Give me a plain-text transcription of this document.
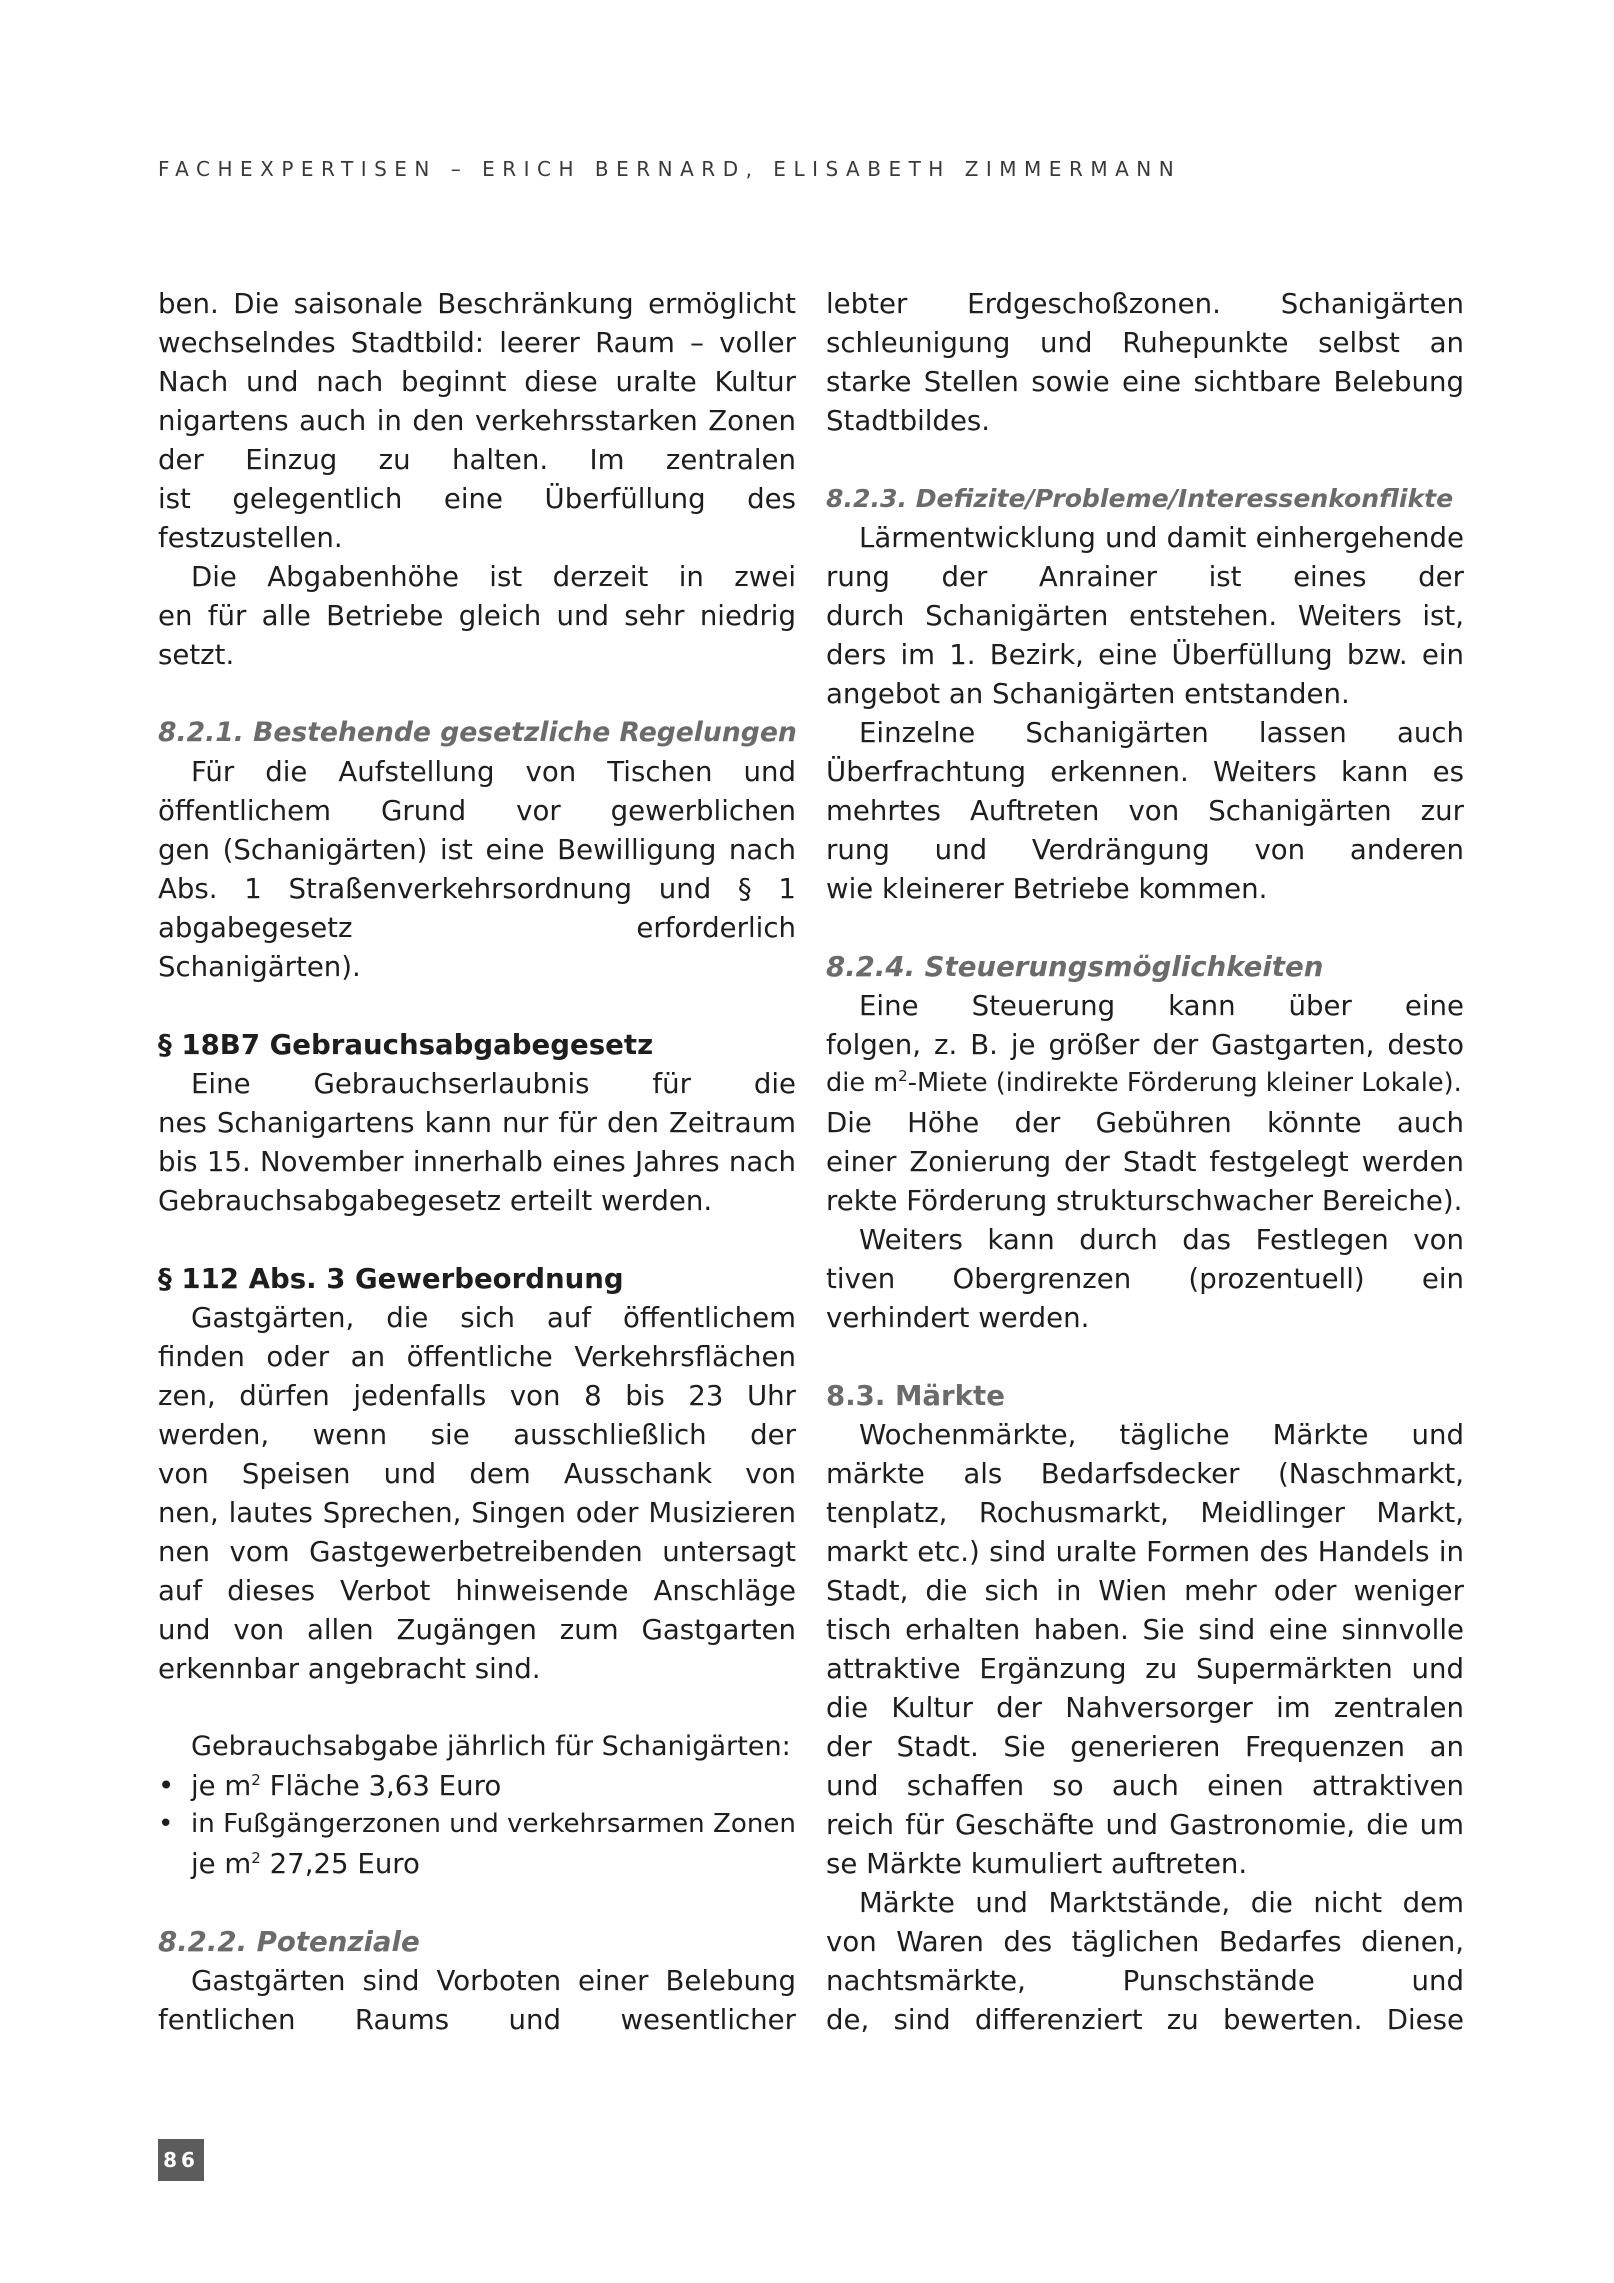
FACHEXPERTISEN – ERICH BERNARD, ELISABETH ZIMMERMANN
ben. Die saisonale Beschränkung ermöglicht
wechselndes Stadtbild: leerer Raum – voller
Nach und nach beginnt diese uralte Kultur
nigartens auch in den verkehrsstarken Zonen
der Einzug zu halten. Im zentralen
ist gelegentlich eine Überfüllung des
festzustellen.
Die Abgabenhöhe ist derzeit in zwei
en für alle Betriebe gleich und sehr niedrig
setzt.
8.2.1. Bestehende gesetzliche Regelungen
Für die Aufstellung von Tischen und
öffentlichem Grund vor gewerblichen
gen (Schanigärten) ist eine Bewilligung nach
Abs. 1 Straßenverkehrsordnung und § 1
abgabegesetz erforderlich
Schanigärten).
§ 18B7 Gebrauchsabgabegesetz
Eine Gebrauchserlaubnis für die
nes Schanigartens kann nur für den Zeitraum
bis 15. November innerhalb eines Jahres nach
Gebrauchsabgabegesetz erteilt werden.
§ 112 Abs. 3 Gewerbeordnung
Gastgärten, die sich auf öffentlichem
finden oder an öffentliche Verkehrsflächen
zen, dürfen jedenfalls von 8 bis 23 Uhr
werden, wenn sie ausschließlich der
von Speisen und dem Ausschank von
nen, lautes Sprechen, Singen oder Musizieren
nen vom Gastgewerbetreibenden untersagt
auf dieses Verbot hinweisende Anschläge
und von allen Zugängen zum Gastgarten
erkennbar angebracht sind.
Gebrauchsabgabe jährlich für Schanigärten:
• je $m^2$ Fläche 3,63 Euro
• in Fußgängerzonen und verkehrsarmen Zonen
je $m^2$ 27,25 Euro
8.2.2. Potenziale
Gastgärten sind Vorboten einer Belebung
fentlichen Raums und wesentlicher
lebter Erdgeschoßzonen. Schanigärten
schleunigung und Ruhepunkte selbst an
starke Stellen sowie eine sichtbare Belebung
Stadtbildes.
8.2.3. Defizite/Probleme/Interessenkonflikte
Lärmentwicklung und damit einhergehende
rung der Anrainer ist eines der
durch Schanigärten entstehen. Weiters ist,
ders im 1. Bezirk, eine Überfüllung bzw. ein
angebot an Schanigärten entstanden.
Einzelne Schanigärten lassen auch
Überfrachtung erkennen. Weiters kann es
mehrtes Auftreten von Schanigärten zur
rung und Verdrängung von anderen
wie kleinerer Betriebe kommen.
8.2.4. Steuerungsmöglichkeiten
Eine Steuerung kann über eine
folgen, z. B. je größer der Gastgarten, desto
die $m^2$-Miete (indirekte Förderung kleiner Lokale).
Die Höhe der Gebühren könnte auch
einer Zonierung der Stadt festgelegt werden
rekte Förderung strukturschwacher Bereiche).
Weiters kann durch das Festlegen von
tiven Obergrenzen (prozentuell) ein
verhindert werden.
8.3. Märkte
Wochenmärkte, tägliche Märkte und
märkte als Bedarfsdecker (Naschmarkt,
tenplatz, Rochusmarkt, Meidlinger Markt,
markt etc.) sind uralte Formen des Handels in
Stadt, die sich in Wien mehr oder weniger
tisch erhalten haben. Sie sind eine sinnvolle
attraktive Ergänzung zu Supermärkten und
die Kultur der Nahversorger im zentralen
der Stadt. Sie generieren Frequenzen an
und schaffen so auch einen attraktiven
reich für Geschäfte und Gastronomie, die um
se Märkte kumuliert auftreten.
Märkte und Marktstände, die nicht dem
von Waren des täglichen Bedarfes dienen,
nachtsmärkte, Punschstände und
de, sind differenziert zu bewerten. Diese
86
